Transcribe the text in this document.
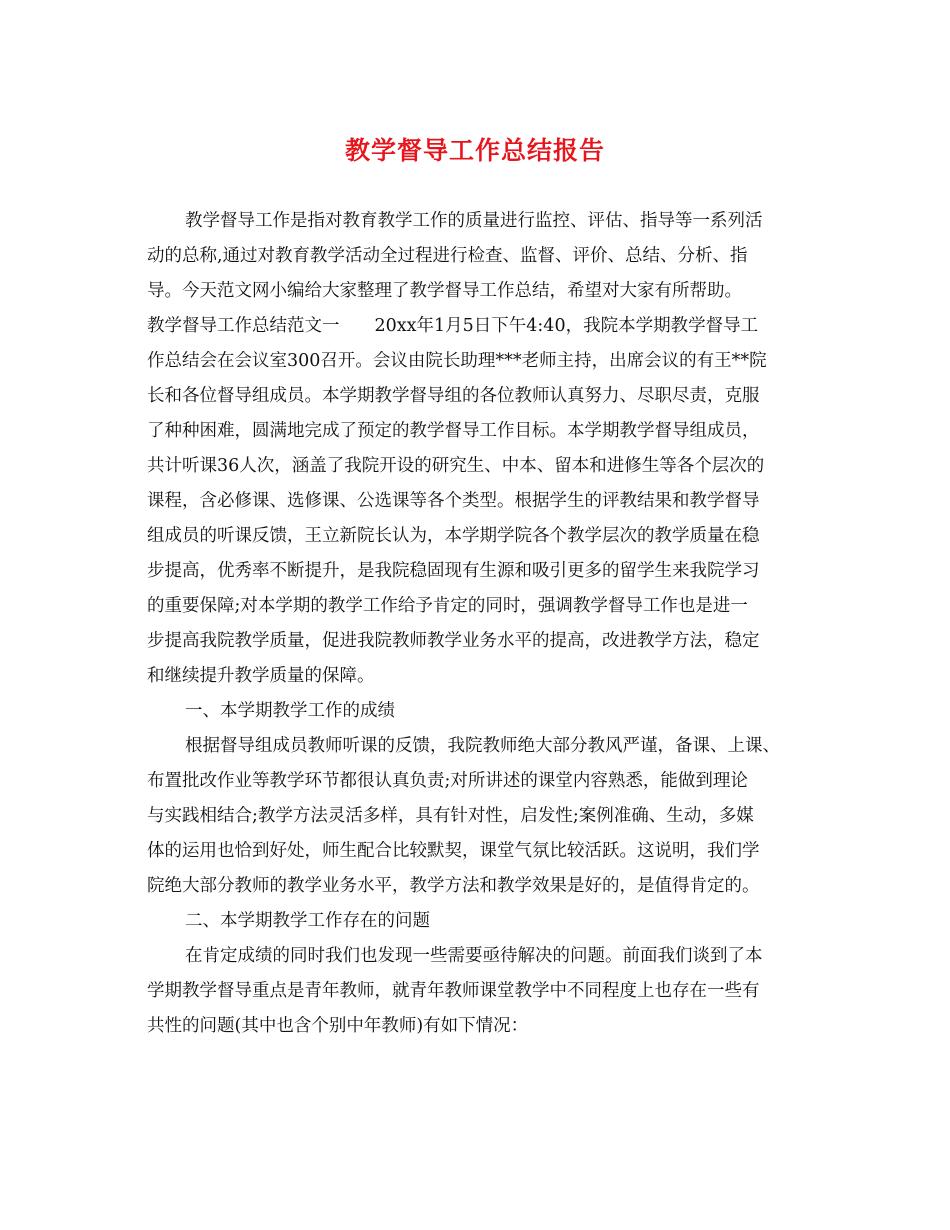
教学督导工作总结报告
教学督导工作是指对教育教学工作的质量进行监控、评估、指导等一系列活
动的总称,通过对教育教学活动全过程进行检查、监督、评价、总结、分析、指
导。今天范文网小编给大家整理了教学督导工作总结，希望对大家有所帮助。
教学督导工作总结范文一　　20xx年1月5日下午4:40，我院本学期教学督导工
作总结会在会议室300召开。会议由院长助理***老师主持，出席会议的有王**院
长和各位督导组成员。本学期教学督导组的各位教师认真努力、尽职尽责，克服
了种种困难，圆满地完成了预定的教学督导工作目标。本学期教学督导组成员，
共计听课36人次，涵盖了我院开设的研究生、中本、留本和进修生等各个层次的
课程，含必修课、选修课、公选课等各个类型。根据学生的评教结果和教学督导
组成员的听课反馈，王立新院长认为，本学期学院各个教学层次的教学质量在稳
步提高，优秀率不断提升，是我院稳固现有生源和吸引更多的留学生来我院学习
的重要保障;对本学期的教学工作给予肯定的同时，强调教学督导工作也是进一
步提高我院教学质量，促进我院教师教学业务水平的提高，改进教学方法，稳定
和继续提升教学质量的保障。
一、本学期教学工作的成绩
根据督导组成员教师听课的反馈，我院教师绝大部分教风严谨，备课、上课、
布置批改作业等教学环节都很认真负责;对所讲述的课堂内容熟悉，能做到理论
与实践相结合;教学方法灵活多样，具有针对性，启发性;案例准确、生动，多媒
体的运用也恰到好处，师生配合比较默契，课堂气氛比较活跃。这说明，我们学
院绝大部分教师的教学业务水平，教学方法和教学效果是好的，是值得肯定的。
二、本学期教学工作存在的问题
在肯定成绩的同时我们也发现一些需要亟待解决的问题。前面我们谈到了本
学期教学督导重点是青年教师，就青年教师课堂教学中不同程度上也存在一些有
共性的问题(其中也含个别中年教师)有如下情况：
